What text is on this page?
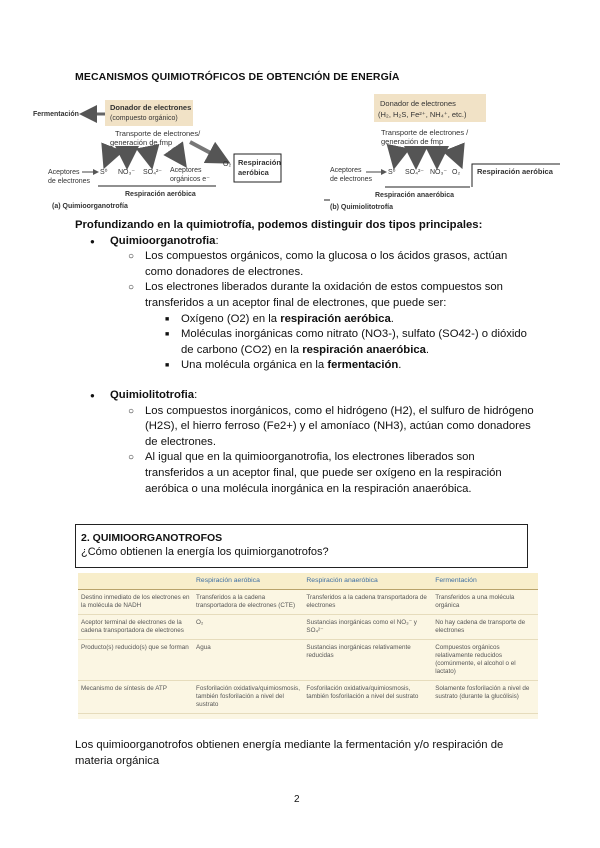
MECANISMOS QUIMIOTRÓFICOS DE OBTENCIÓN DE ENERGÍA
Donador de electrones
(compuesto orgánico)
Fermentación
Transporte de electrones/
generación de fmp
Aceptores
de electrones
S⁰ NO₃⁻ SO₄²⁻ Aceptores
orgánicos e⁻
O₂ Respiración
aeróbica
Respiración aeróbica
(a) Quimioorganotrofía
Donador de electrones
(H₂, H₂S, Fe²⁺, NH₄⁺, etc.)
Transporte de electrones /
generación de fmp
Aceptores
de electrones
S⁰ SO₄²⁻ NO₃⁻ O₂ Respiración aeróbica
Respiración anaeróbica
(b) Quimiolitotrofía

Profundizando en la quimiotrofía, podemos distinguir dos tipos principales:

● Quimioorganotrofia:
○ Los compuestos orgánicos, como la glucosa o los ácidos grasos, actúan como donadores de electrones.
○ Los electrones liberados durante la oxidación de estos compuestos son transferidos a un aceptor final de electrones, que puede ser:
■ Oxígeno (O2) en la respiración aeróbica.
■ Moléculas inorgánicas como nitrato (NO3-), sulfato (SO42-) o dióxido de carbono (CO2) en la respiración anaeróbica.
■ Una molécula orgánica en la fermentación.
● Quimiolitotrofia:
○ Los compuestos inorgánicos, como el hidrógeno (H2), el sulfuro de hidrógeno (H2S), el hierro ferroso (Fe2+) y el amoníaco (NH3), actúan como donadores de electrones.
○ Al igual que en la quimioorganotrofia, los electrones liberados son transferidos a un aceptor final, que puede ser oxígeno en la respiración aeróbica o una molécula inorgánica en la respiración anaeróbica.
2. QUIMIOORGANOTROFOS
¿Cómo obtienen la energía los quimiorganotrofos?
	Respiración aeróbica	Respiración anaeróbica	Fermentación
Destino inmediato de los electrones en la molécula de NADH	Transferidos a la cadena transportadora de electrones (CTE)	Transferidos a la cadena transportadora de electrones	Transferidos a una molécula orgánica
Aceptor terminal de electrones de la cadena transportadora de electrones	O₂	Sustancias inorgánicas como el NO₃⁻ y SO₄²⁻	No hay cadena de transporte de electrones
Producto(s) reducido(s) que se forman	Agua	Sustancias inorgánicas relativamente reducidas	Compuestos orgánicos relativamente reducidos (comúnmente, el alcohol o el lactato)
Mecanismo de síntesis de ATP	Fosforilación oxidativa/quimiosmosis, también fosforilación a nivel del sustrato	Fosforilación oxidativa/quimiosmosis, también fosforilación a nivel del sustrato	Solamente fosforilación a nivel de sustrato (durante la glucólisis)
Los quimioorganotrofos obtienen energía mediante la fermentación y/o respiración de materia orgánica
2
